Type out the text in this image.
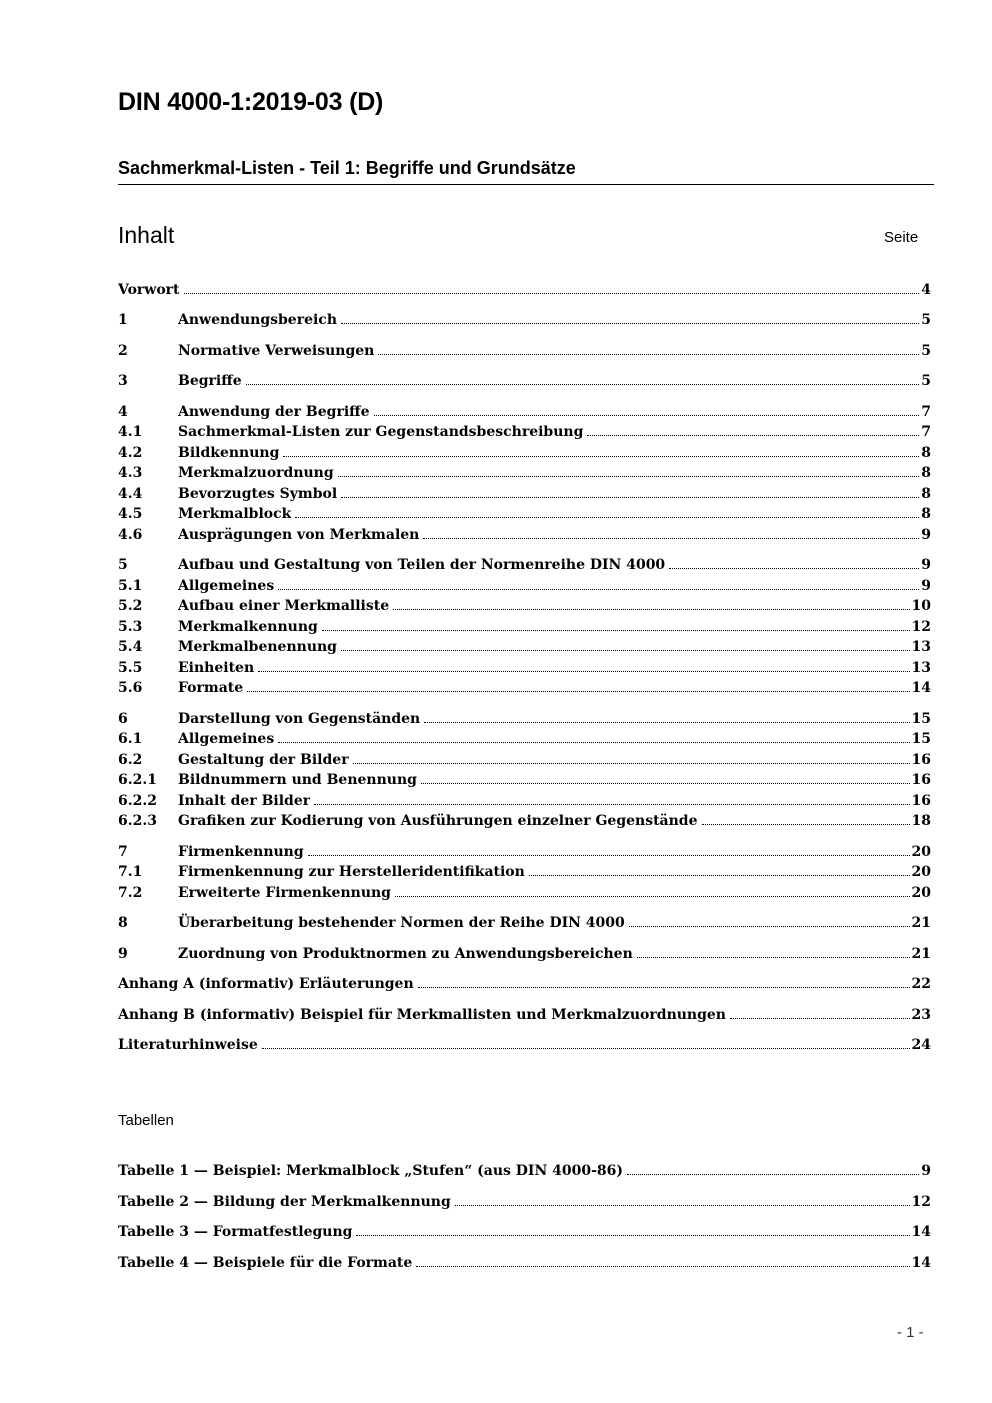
DIN 4000-1:2019-03 (D)
Sachmerkmal-Listen - Teil 1: Begriffe und Grundsätze
Inhalt	Seite
Vorwort	4
1	Anwendungsbereich	5
2	Normative Verweisungen	5
3	Begriffe	5
4	Anwendung der Begriffe	7
4.1	Sachmerkmal-Listen zur Gegenstandsbeschreibung	7
4.2	Bildkennung	8
4.3	Merkmalzuordnung	8
4.4	Bevorzugtes Symbol	8
4.5	Merkmalblock	8
4.6	Ausprägungen von Merkmalen	9
5	Aufbau und Gestaltung von Teilen der Normenreihe DIN 4000	9
5.1	Allgemeines	9
5.2	Aufbau einer Merkmalliste	10
5.3	Merkmalkennung	12
5.4	Merkmalbenennung	13
5.5	Einheiten	13
5.6	Formate	14
6	Darstellung von Gegenständen	15
6.1	Allgemeines	15
6.2	Gestaltung der Bilder	16
6.2.1	Bildnummern und Benennung	16
6.2.2	Inhalt der Bilder	16
6.2.3	Grafiken zur Kodierung von Ausführungen einzelner Gegenstände	18
7	Firmenkennung	20
7.1	Firmenkennung zur Herstelleridentifikation	20
7.2	Erweiterte Firmenkennung	20
8	Überarbeitung bestehender Normen der Reihe DIN 4000	21
9	Zuordnung von Produktnormen zu Anwendungsbereichen	21
Anhang A (informativ) Erläuterungen	22
Anhang B (informativ) Beispiel für Merkmallisten und Merkmalzuordnungen	23
Literaturhinweise	24
Tabellen
Tabelle 1 — Beispiel: Merkmalblock „Stufen“ (aus DIN 4000-86)	9
Tabelle 2 — Bildung der Merkmalkennung	12
Tabelle 3 — Formatfestlegung	14
Tabelle 4 — Beispiele für die Formate	14
- 1 -
